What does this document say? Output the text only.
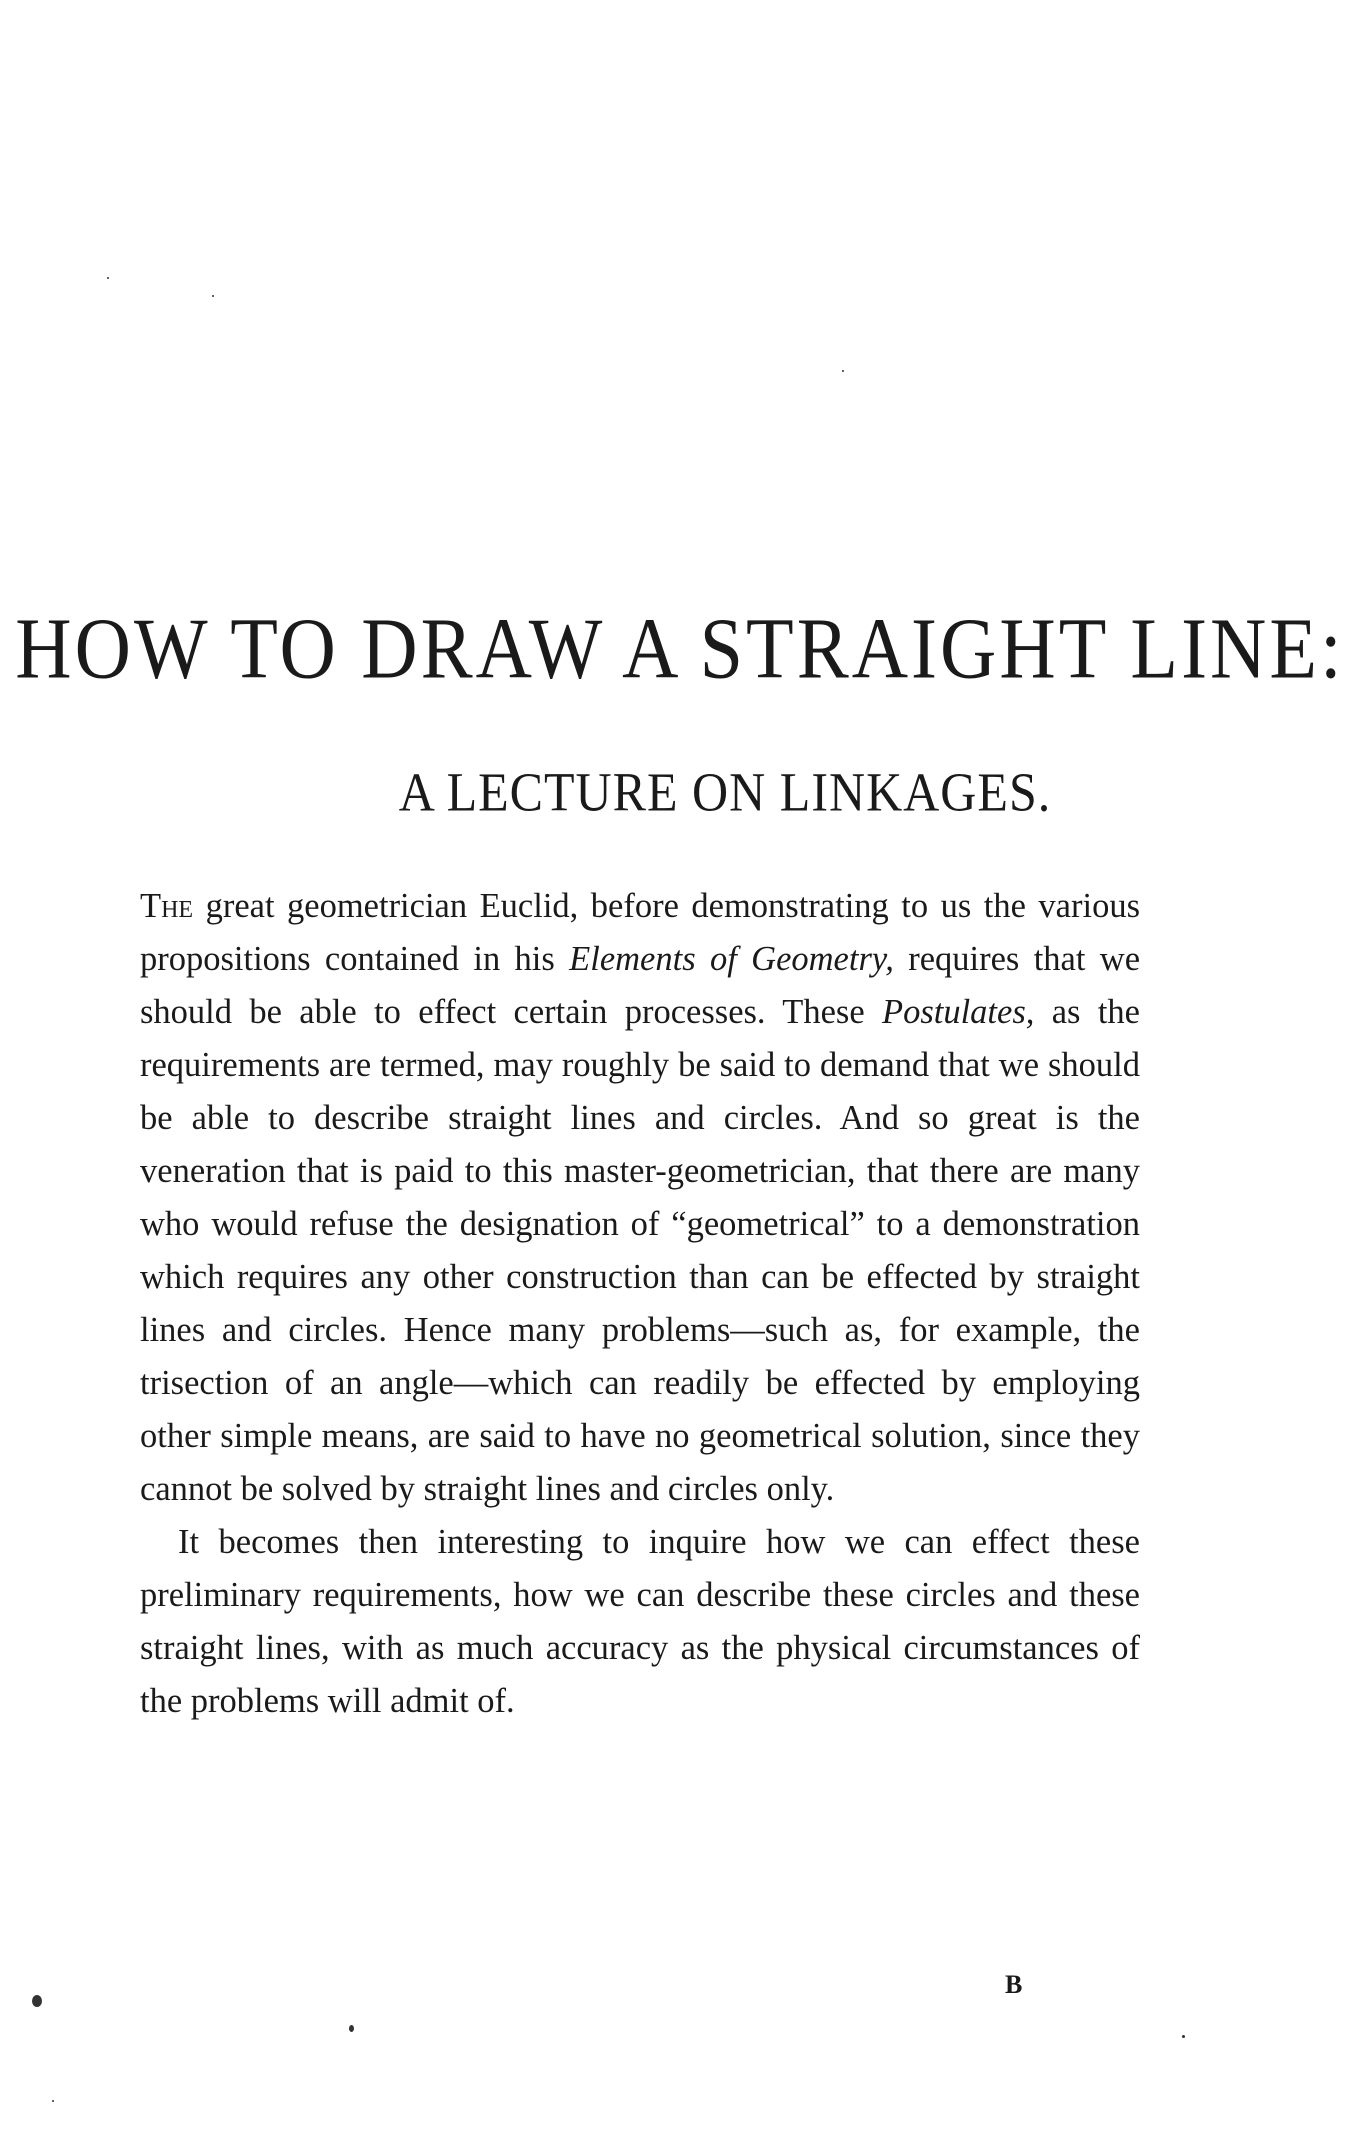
HOW TO DRAW A STRAIGHT LINE:
A LECTURE ON LINKAGES.

The great geometrician Euclid, before demonstrating to us the various propositions contained in his Elements of Geometry, requires that we should be able to effect certain processes. These Postulates, as the requirements are termed, may roughly be said to demand that we should be able to describe straight lines and circles. And so great is the veneration that is paid to this master-geometrician, that there are many who would refuse the designation of “geometrical” to a demonstration which requires any other construction than can be effected by straight lines and circles. Hence many problems—such as, for example, the trisection of an angle—which can readily be effected by employing other simple means, are said to have no geometrical solution, since they cannot be solved by straight lines and circles only.

It becomes then interesting to inquire how we can effect these preliminary requirements, how we can describe these circles and these straight lines, with as much accuracy as the physical circumstances of the problems will admit of.

B
